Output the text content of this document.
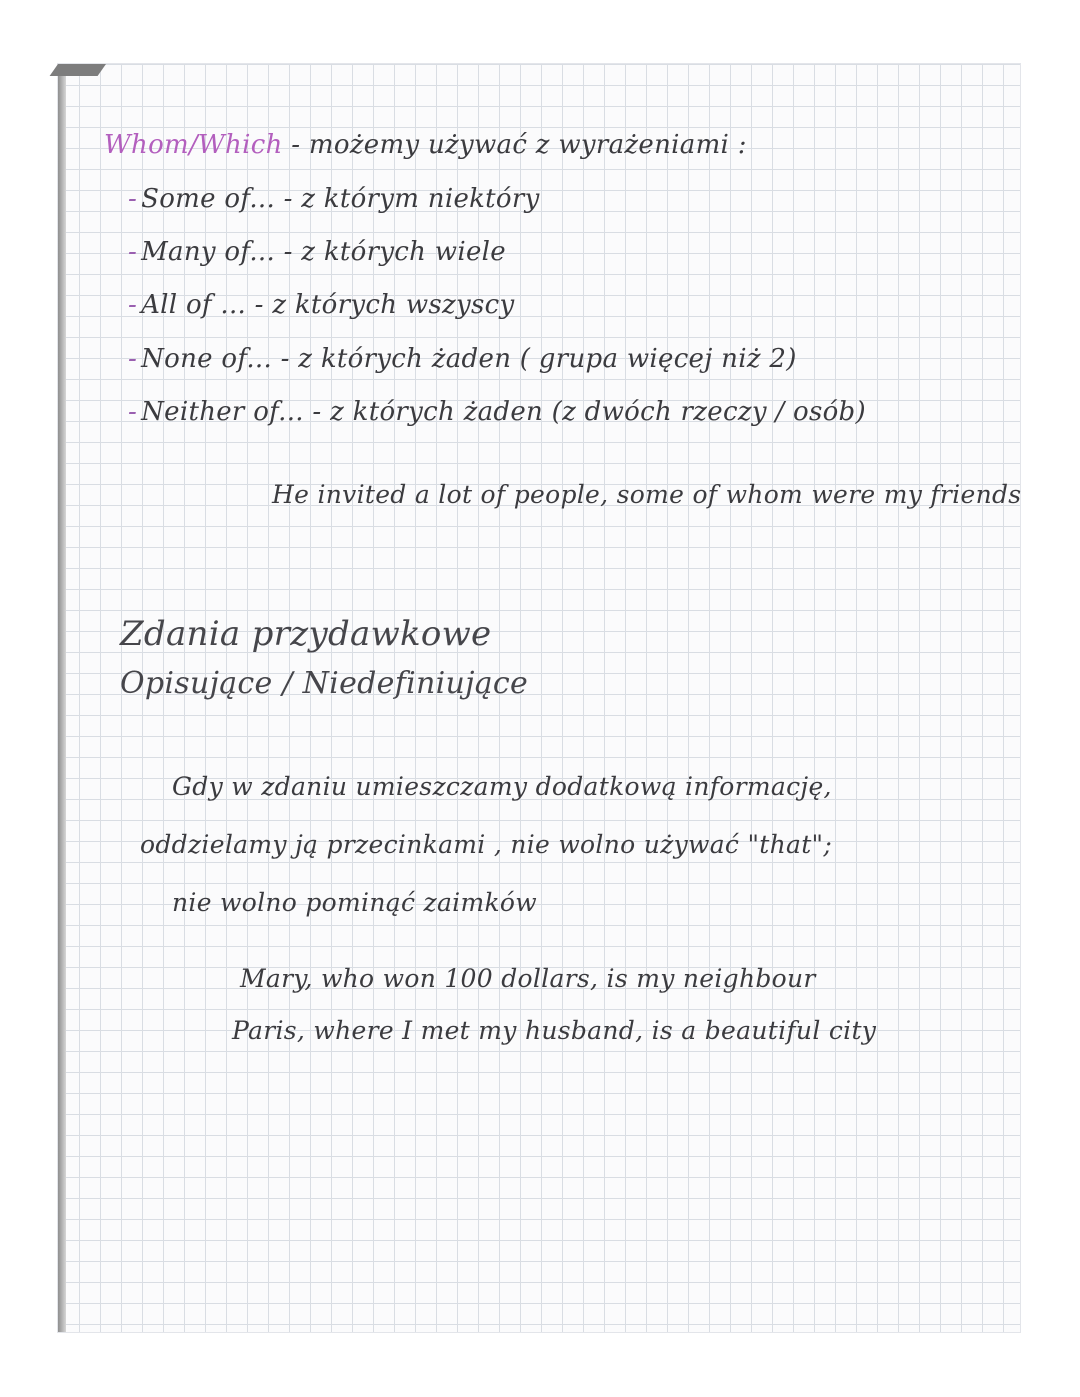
Whom/Which - możemy używać z wyrażeniami :
- Some of... - z którym niektóry
- Many of... - z których wiele
- All of ... - z których wszyscy
- None of... - z których żaden ( grupa więcej niż 2)
- Neither of... - z których żaden (z dwóch rzeczy / osób)
He invited a lot of people, some of whom were my friends
Zdania przydawkowe
Opisujące / Niedefiniujące
Gdy w zdaniu umieszczamy dodatkową informację,
oddzielamy ją przecinkami , nie wolno używać "that";
nie wolno pominąć zaimków
Mary, who won 100 dollars, is my neighbour
Paris, where I met my husband, is a beautiful city
